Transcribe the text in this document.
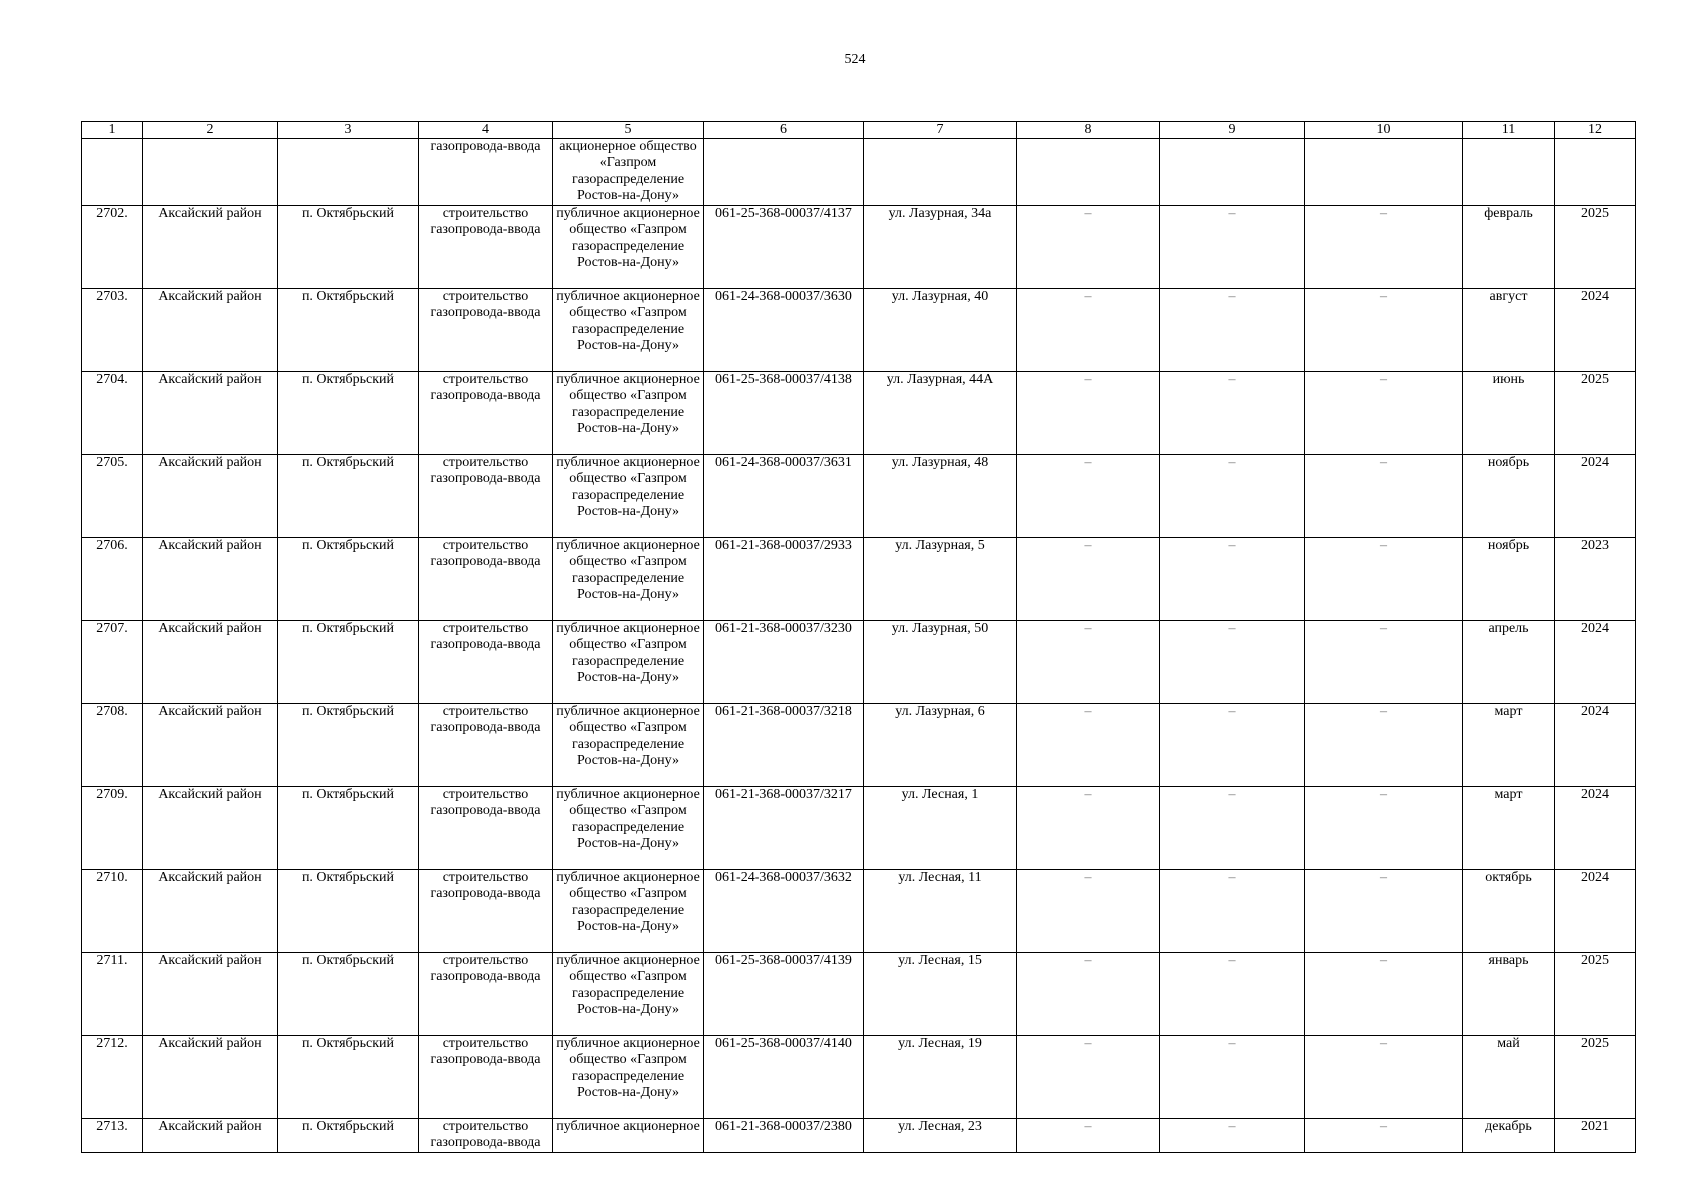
524
1	2	3	4	5	6	7	8	9	10	11	12
			газопровода-ввода	акционерное общество «Газпром газораспределение Ростов-на-Дону»							
2702.	Аксайский район	п. Октябрьский	строительство газопровода-ввода	публичное акционерное общество «Газпром газораспределение Ростов-на-Дону»	061-25-368-00037/4137	ул. Лазурная, 34а	–	–	–	февраль	2025
2703.	Аксайский район	п. Октябрьский	строительство газопровода-ввода	публичное акционерное общество «Газпром газораспределение Ростов-на-Дону»	061-24-368-00037/3630	ул. Лазурная, 40	–	–	–	август	2024
2704.	Аксайский район	п. Октябрьский	строительство газопровода-ввода	публичное акционерное общество «Газпром газораспределение Ростов-на-Дону»	061-25-368-00037/4138	ул. Лазурная, 44А	–	–	–	июнь	2025
2705.	Аксайский район	п. Октябрьский	строительство газопровода-ввода	публичное акционерное общество «Газпром газораспределение Ростов-на-Дону»	061-24-368-00037/3631	ул. Лазурная, 48	–	–	–	ноябрь	2024
2706.	Аксайский район	п. Октябрьский	строительство газопровода-ввода	публичное акционерное общество «Газпром газораспределение Ростов-на-Дону»	061-21-368-00037/2933	ул. Лазурная, 5	–	–	–	ноябрь	2023
2707.	Аксайский район	п. Октябрьский	строительство газопровода-ввода	публичное акционерное общество «Газпром газораспределение Ростов-на-Дону»	061-21-368-00037/3230	ул. Лазурная, 50	–	–	–	апрель	2024
2708.	Аксайский район	п. Октябрьский	строительство газопровода-ввода	публичное акционерное общество «Газпром газораспределение Ростов-на-Дону»	061-21-368-00037/3218	ул. Лазурная, 6	–	–	–	март	2024
2709.	Аксайский район	п. Октябрьский	строительство газопровода-ввода	публичное акционерное общество «Газпром газораспределение Ростов-на-Дону»	061-21-368-00037/3217	ул. Лесная, 1	–	–	–	март	2024
2710.	Аксайский район	п. Октябрьский	строительство газопровода-ввода	публичное акционерное общество «Газпром газораспределение Ростов-на-Дону»	061-24-368-00037/3632	ул. Лесная, 11	–	–	–	октябрь	2024
2711.	Аксайский район	п. Октябрьский	строительство газопровода-ввода	публичное акционерное общество «Газпром газораспределение Ростов-на-Дону»	061-25-368-00037/4139	ул. Лесная, 15	–	–	–	январь	2025
2712.	Аксайский район	п. Октябрьский	строительство газопровода-ввода	публичное акционерное общество «Газпром газораспределение Ростов-на-Дону»	061-25-368-00037/4140	ул. Лесная, 19	–	–	–	май	2025
2713.	Аксайский район	п. Октябрьский	строительство газопровода-ввода	публичное акционерное	061-21-368-00037/2380	ул. Лесная, 23	–	–	–	декабрь	2021
